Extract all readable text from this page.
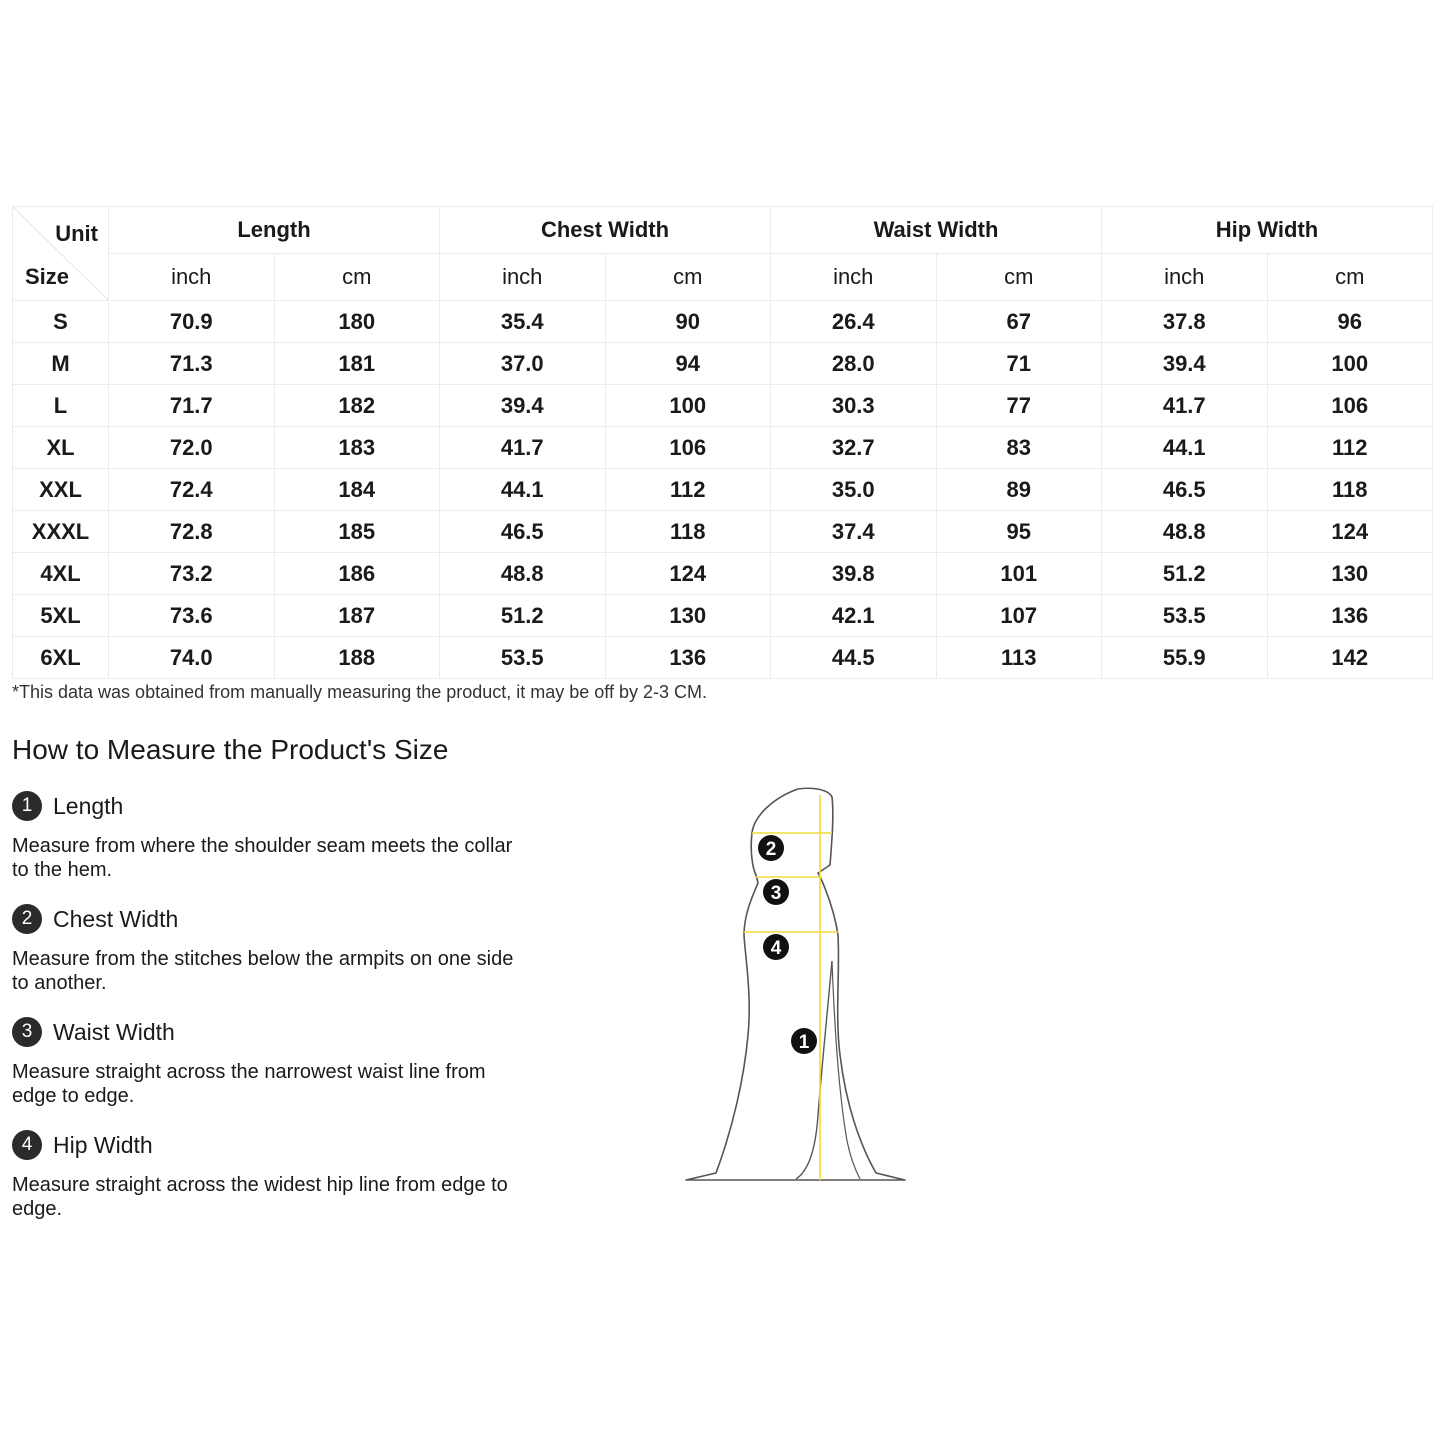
Unit
Size	Length		Chest Width		Waist Width		Hip Width	
	inch	cm	inch	cm	inch	cm	inch	cm
S	70.9	180	35.4	90	26.4	67	37.8	96
M	71.3	181	37.0	94	28.0	71	39.4	100
L	71.7	182	39.4	100	30.3	77	41.7	106
XL	72.0	183	41.7	106	32.7	83	44.1	112
XXL	72.4	184	44.1	112	35.0	89	46.5	118
XXXL	72.8	185	46.5	118	37.4	95	48.8	124
4XL	73.2	186	48.8	124	39.8	101	51.2	130
5XL	73.6	187	51.2	130	42.1	107	53.5	136
6XL	74.0	188	53.5	136	44.5	113	55.9	142
*This data was obtained from manually measuring the product, it may be off by 2-3 CM.
How to Measure the Product's Size
1 Length
Measure from where the shoulder seam meets the collar to the hem.
2 Chest Width
Measure from the stitches below the armpits on one side to another.
3 Waist Width
Measure straight across the narrowest waist line from edge to edge.
4 Hip Width
Measure straight across the widest hip line from edge to edge.
2
3
4
1
